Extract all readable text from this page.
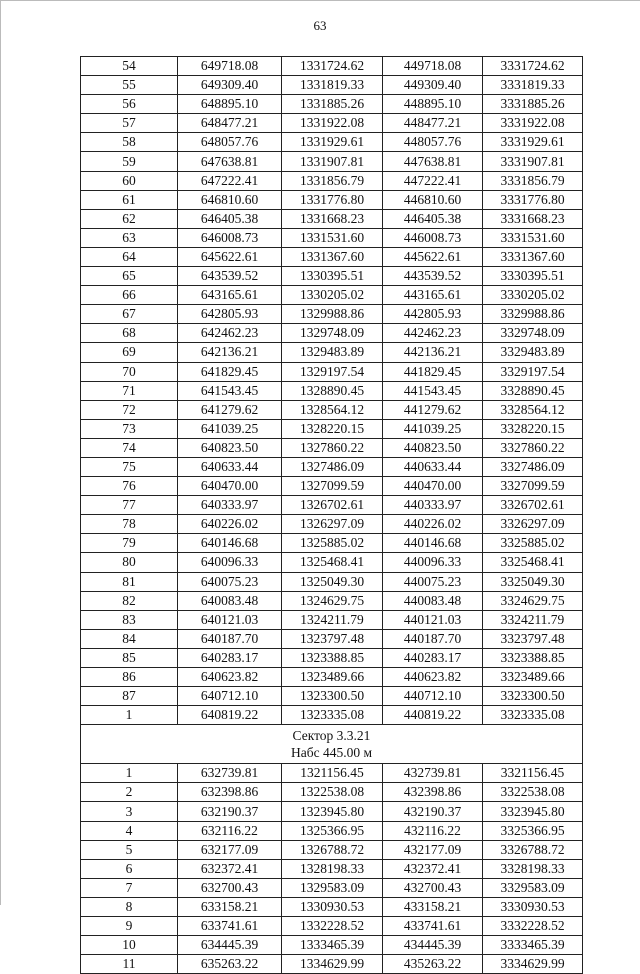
63
54	649718.08	1331724.62	449718.08	3331724.62
55	649309.40	1331819.33	449309.40	3331819.33
56	648895.10	1331885.26	448895.10	3331885.26
57	648477.21	1331922.08	448477.21	3331922.08
58	648057.76	1331929.61	448057.76	3331929.61
59	647638.81	1331907.81	447638.81	3331907.81
60	647222.41	1331856.79	447222.41	3331856.79
61	646810.60	1331776.80	446810.60	3331776.80
62	646405.38	1331668.23	446405.38	3331668.23
63	646008.73	1331531.60	446008.73	3331531.60
64	645622.61	1331367.60	445622.61	3331367.60
65	643539.52	1330395.51	443539.52	3330395.51
66	643165.61	1330205.02	443165.61	3330205.02
67	642805.93	1329988.86	442805.93	3329988.86
68	642462.23	1329748.09	442462.23	3329748.09
69	642136.21	1329483.89	442136.21	3329483.89
70	641829.45	1329197.54	441829.45	3329197.54
71	641543.45	1328890.45	441543.45	3328890.45
72	641279.62	1328564.12	441279.62	3328564.12
73	641039.25	1328220.15	441039.25	3328220.15
74	640823.50	1327860.22	440823.50	3327860.22
75	640633.44	1327486.09	440633.44	3327486.09
76	640470.00	1327099.59	440470.00	3327099.59
77	640333.97	1326702.61	440333.97	3326702.61
78	640226.02	1326297.09	440226.02	3326297.09
79	640146.68	1325885.02	440146.68	3325885.02
80	640096.33	1325468.41	440096.33	3325468.41
81	640075.23	1325049.30	440075.23	3325049.30
82	640083.48	1324629.75	440083.48	3324629.75
83	640121.03	1324211.79	440121.03	3324211.79
84	640187.70	1323797.48	440187.70	3323797.48
85	640283.17	1323388.85	440283.17	3323388.85
86	640623.82	1323489.66	440623.82	3323489.66
87	640712.10	1323300.50	440712.10	3323300.50
1	640819.22	1323335.08	440819.22	3323335.08

Сектор 3.3.21
Набс 445.00 м				

1	632739.81	1321156.45	432739.81	3321156.45
2	632398.86	1322538.08	432398.86	3322538.08
3	632190.37	1323945.80	432190.37	3323945.80
4	632116.22	1325366.95	432116.22	3325366.95
5	632177.09	1326788.72	432177.09	3326788.72
6	632372.41	1328198.33	432372.41	3328198.33
7	632700.43	1329583.09	432700.43	3329583.09
8	633158.21	1330930.53	433158.21	3330930.53
9	633741.61	1332228.52	433741.61	3332228.52
10	634445.39	1333465.39	434445.39	3333465.39
11	635263.22	1334629.99	435263.22	3334629.99
